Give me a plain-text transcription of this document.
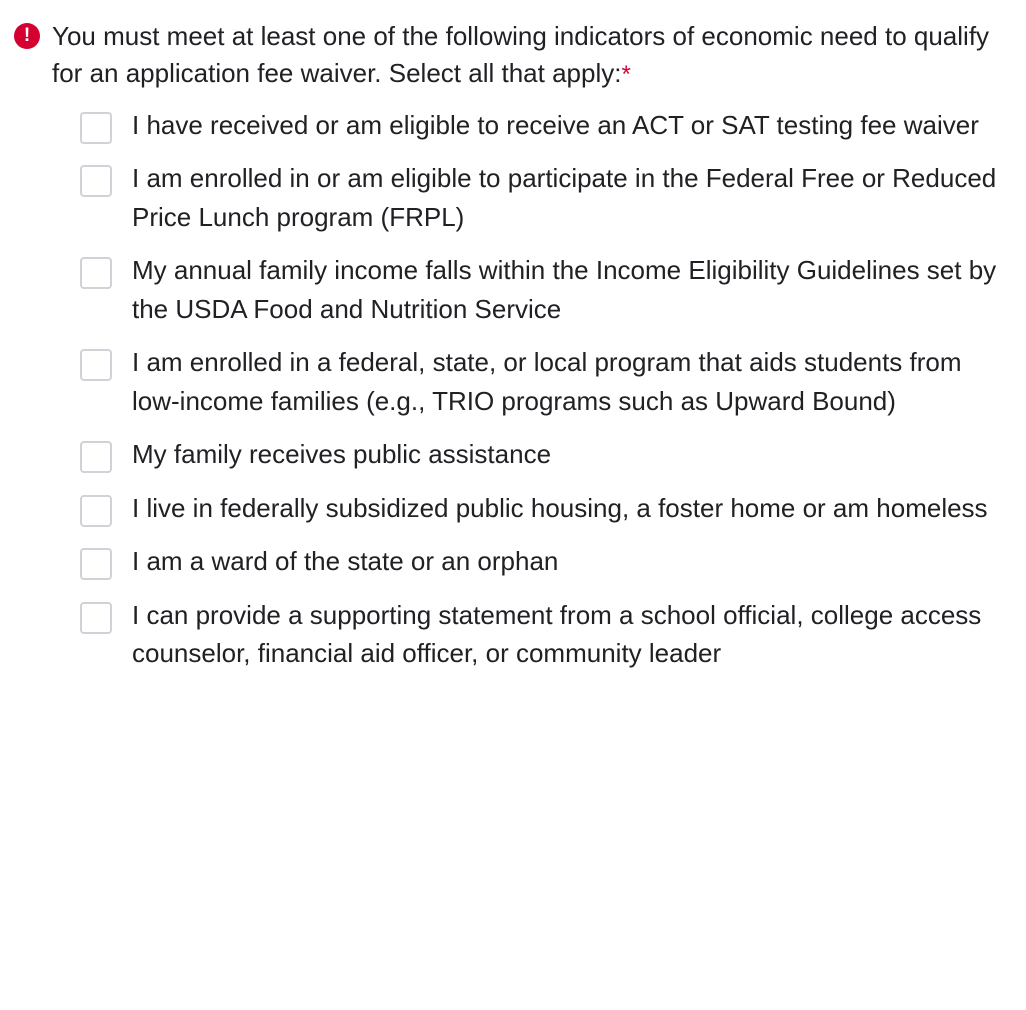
! You must meet at least one of the following indicators of economic need to qualify for an application fee waiver. Select all that apply:*
I have received or am eligible to receive an ACT or SAT testing fee waiver
I am enrolled in or am eligible to participate in the Federal Free or Reduced Price Lunch program (FRPL)
My annual family income falls within the Income Eligibility Guidelines set by the USDA Food and Nutrition Service
I am enrolled in a federal, state, or local program that aids students from low-income families (e.g., TRIO programs such as Upward Bound)
My family receives public assistance
I live in federally subsidized public housing, a foster home or am homeless
I am a ward of the state or an orphan
I can provide a supporting statement from a school official, college access counselor, financial aid officer, or community leader
